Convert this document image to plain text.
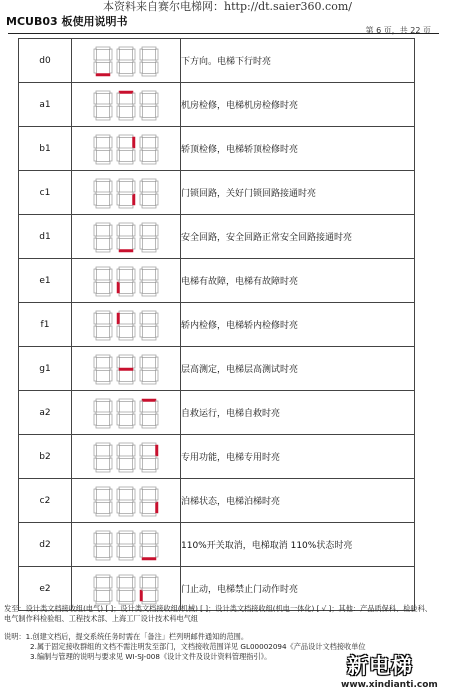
本资料来自赛尔电梯网：http://dt.saier360.com/
MCUB03 板使用说明书
第 6 页，共 22 页
d0		下方向。电梯下行时亮
a1		机房检修，电梯机房检修时亮
b1		轿顶检修，电梯轿顶检修时亮
c1		门锁回路，关好门锁回路接通时亮
d1		安全回路，安全回路正常安全回路接通时亮
e1		电梯有故障，电梯有故障时亮
f1		轿内检修，电梯轿内检修时亮
g1		层高测定，电梯层高测试时亮
a2		自救运行，电梯自救时亮
b2		专用功能，电梯专用时亮
c2		泊梯状态，电梯泊梯时亮
d2		110%开关取消，电梯取消 110%状态时亮
e2		门止动，电梯禁止门动作时亮
发至：设计类文档接收组(电气) [ ]；设计类文档接收组(机械) [ ]；设计类文档接收组(机电一体化) [ √ ]；其他：产品质保科、检验科、
电气制作科检验组、工程技术部、上海工厂设计技术科电气组
说明：1.创建文档后，提交系统任务时需在「备注」栏列明邮件通知的范围。
2.属于固定接收群组的文档不需注明发至部门，文档接收范围详见 GL00002094《产品设计文档接收单位
3.编制与管理的说明与要求见 WI-SJ-008《设计文件及设计资料管理指引》。	新电梯
www.xindianti.com
